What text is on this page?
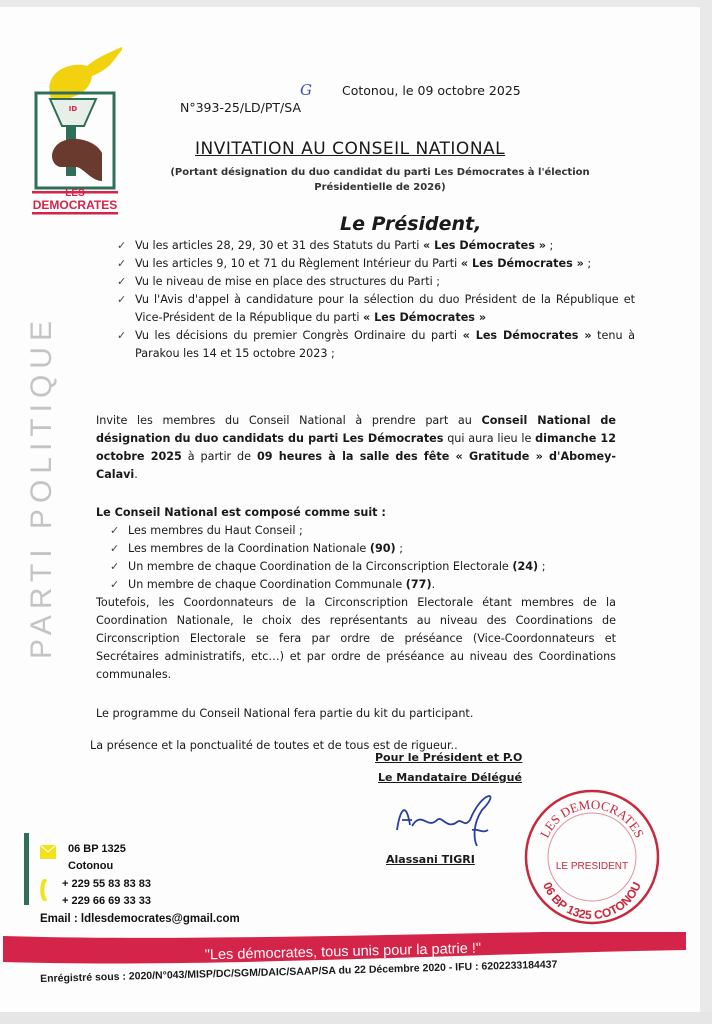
ID
LES
DEMOCRATES
PARTI POLITIQUE
G Cotonou, le 09 octobre 2025
N°393-25/LD/PT/SA
INVITATION AU CONSEIL NATIONAL
(Portant désignation du duo candidat du parti Les Démocrates à l'élection
Présidentielle de 2026)
Le Président,
✓ Vu les articles 28, 29, 30 et 31 des Statuts du Parti « Les Démocrates » ;
✓ Vu les articles 9, 10 et 71 du Règlement Intérieur du Parti « Les Démocrates » ;
✓ Vu le niveau de mise en place des structures du Parti ;
✓ Vu l'Avis d'appel à candidature pour la sélection du duo Président de la République et Vice-Président de la République du parti « Les Démocrates »
✓ Vu les décisions du premier Congrès Ordinaire du parti « Les Démocrates » tenu à Parakou les 14 et 15 octobre 2023 ;
Invite les membres du Conseil National à prendre part au Conseil National de désignation du duo candidats du parti Les Démocrates qui aura lieu le dimanche 12 octobre 2025 à partir de 09 heures à la salle des fête « Gratitude » d'Abomey-Calavi.
Le Conseil National est composé comme suit :
✓ Les membres du Haut Conseil ;
✓ Les membres de la Coordination Nationale (90) ;
✓ Un membre de chaque Coordination de la Circonscription Electorale (24) ;
✓ Un membre de chaque Coordination Communale (77).
Toutefois, les Coordonnateurs de la Circonscription Electorale étant membres de la Coordination Nationale, le choix des représentants au niveau des Coordinations de Circonscription Electorale se fera par ordre de préséance (Vice-Coordonnateurs et Secrétaires administratifs, etc…) et par ordre de préséance au niveau des Coordinations communales.
Le programme du Conseil National fera partie du kit du participant.
La présence et la ponctualité de toutes et de tous est de rigueur..
Pour le Président et P.O
Le Mandataire Délégué
Alassani TIGRI
LES DEMOCRATES
06 BP 1325 COTONOU
LE PRESIDENT
06 BP 1325
Cotonou
+ 229 55 83 83 83
+ 229 66 69 33 33
Email : ldlesdemocrates@gmail.com
"Les démocrates, tous unis pour la patrie !"
Enrégistré sous : 2020/N°043/MISP/DC/SGM/DAIC/SAAP/SA du 22 Décembre 2020 - IFU : 6202233184437
